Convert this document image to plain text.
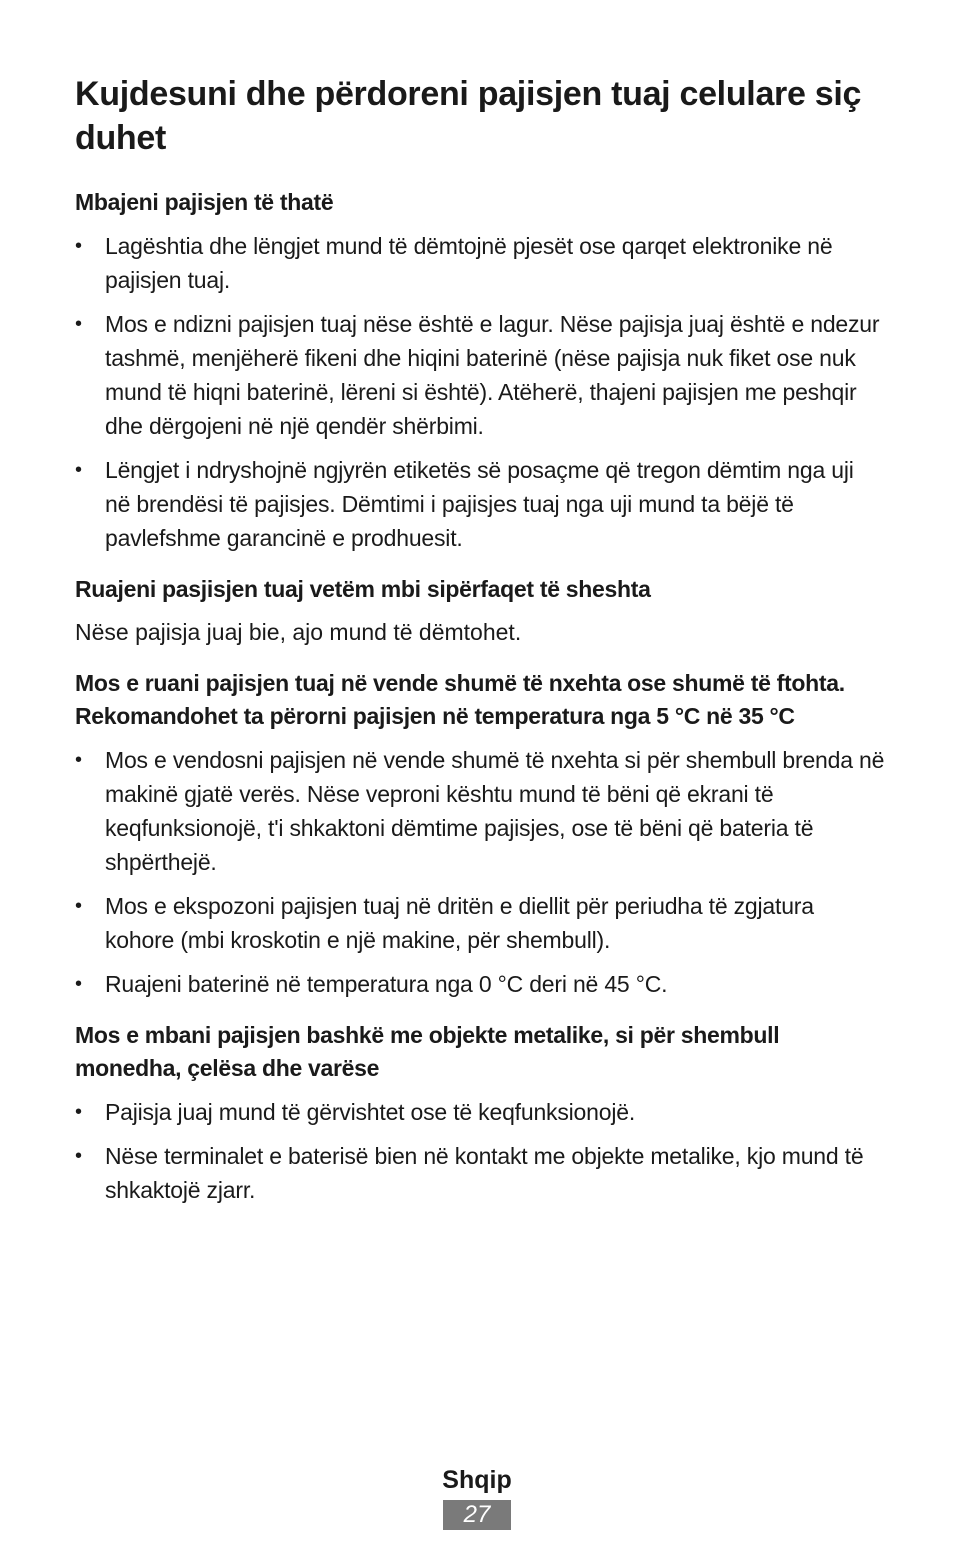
Kujdesuni dhe përdoreni pajisjen tuaj celulare siç duhet
Mbajeni pajisjen të thatë
•	Lagështia dhe lëngjet mund të dëmtojnë pjesët ose qarqet elektronike në pajisjen tuaj.
•	Mos e ndizni pajisjen tuaj nëse është e lagur. Nëse pajisja juaj është e ndezur tashmë, menjëherë fikeni dhe hiqini baterinë (nëse pajisja nuk fiket ose nuk mund të hiqni baterinë, lëreni si është). Atëherë, thajeni pajisjen me peshqir dhe dërgojeni në një qendër shërbimi.
•	Lëngjet i ndryshojnë ngjyrën etiketës së posaçme që tregon dëmtim nga uji në brendësi të pajisjes. Dëmtimi i pajisjes tuaj nga uji mund ta bëjë të pavlefshme garancinë e prodhuesit.
Ruajeni pasjisjen tuaj vetëm mbi sipërfaqet të sheshta

Nëse pajisja juaj bie, ajo mund të dëmtohet.

Mos e ruani pajisjen tuaj në vende shumë të nxehta ose shumë të ftohta. Rekomandohet ta përorni pajisjen në temperatura nga 5 °C në 35 °C
•	Mos e vendosni pajisjen në vende shumë të nxehta si për shembull brenda në makinë gjatë verës. Nëse veproni kështu mund të bëni që ekrani të keqfunksionojë, t'i shkaktoni dëmtime pajisjes, ose të bëni që bateria të shpërthejë.
•	Mos e ekspozoni pajisjen tuaj në dritën e diellit për periudha të zgjatura kohore (mbi kroskotin e një makine, për shembull).
•	Ruajeni baterinë në temperatura nga 0 °C deri në 45 °C.
Mos e mbani pajisjen bashkë me objekte metalike, si për shembull monedha, çelësa dhe varëse
•	Pajisja juaj mund të gërvishtet ose të keqfunksionojë.
•	Nëse terminalet e baterisë bien në kontakt me objekte metalike, kjo mund të shkaktojë zjarr.
Shqip
27
